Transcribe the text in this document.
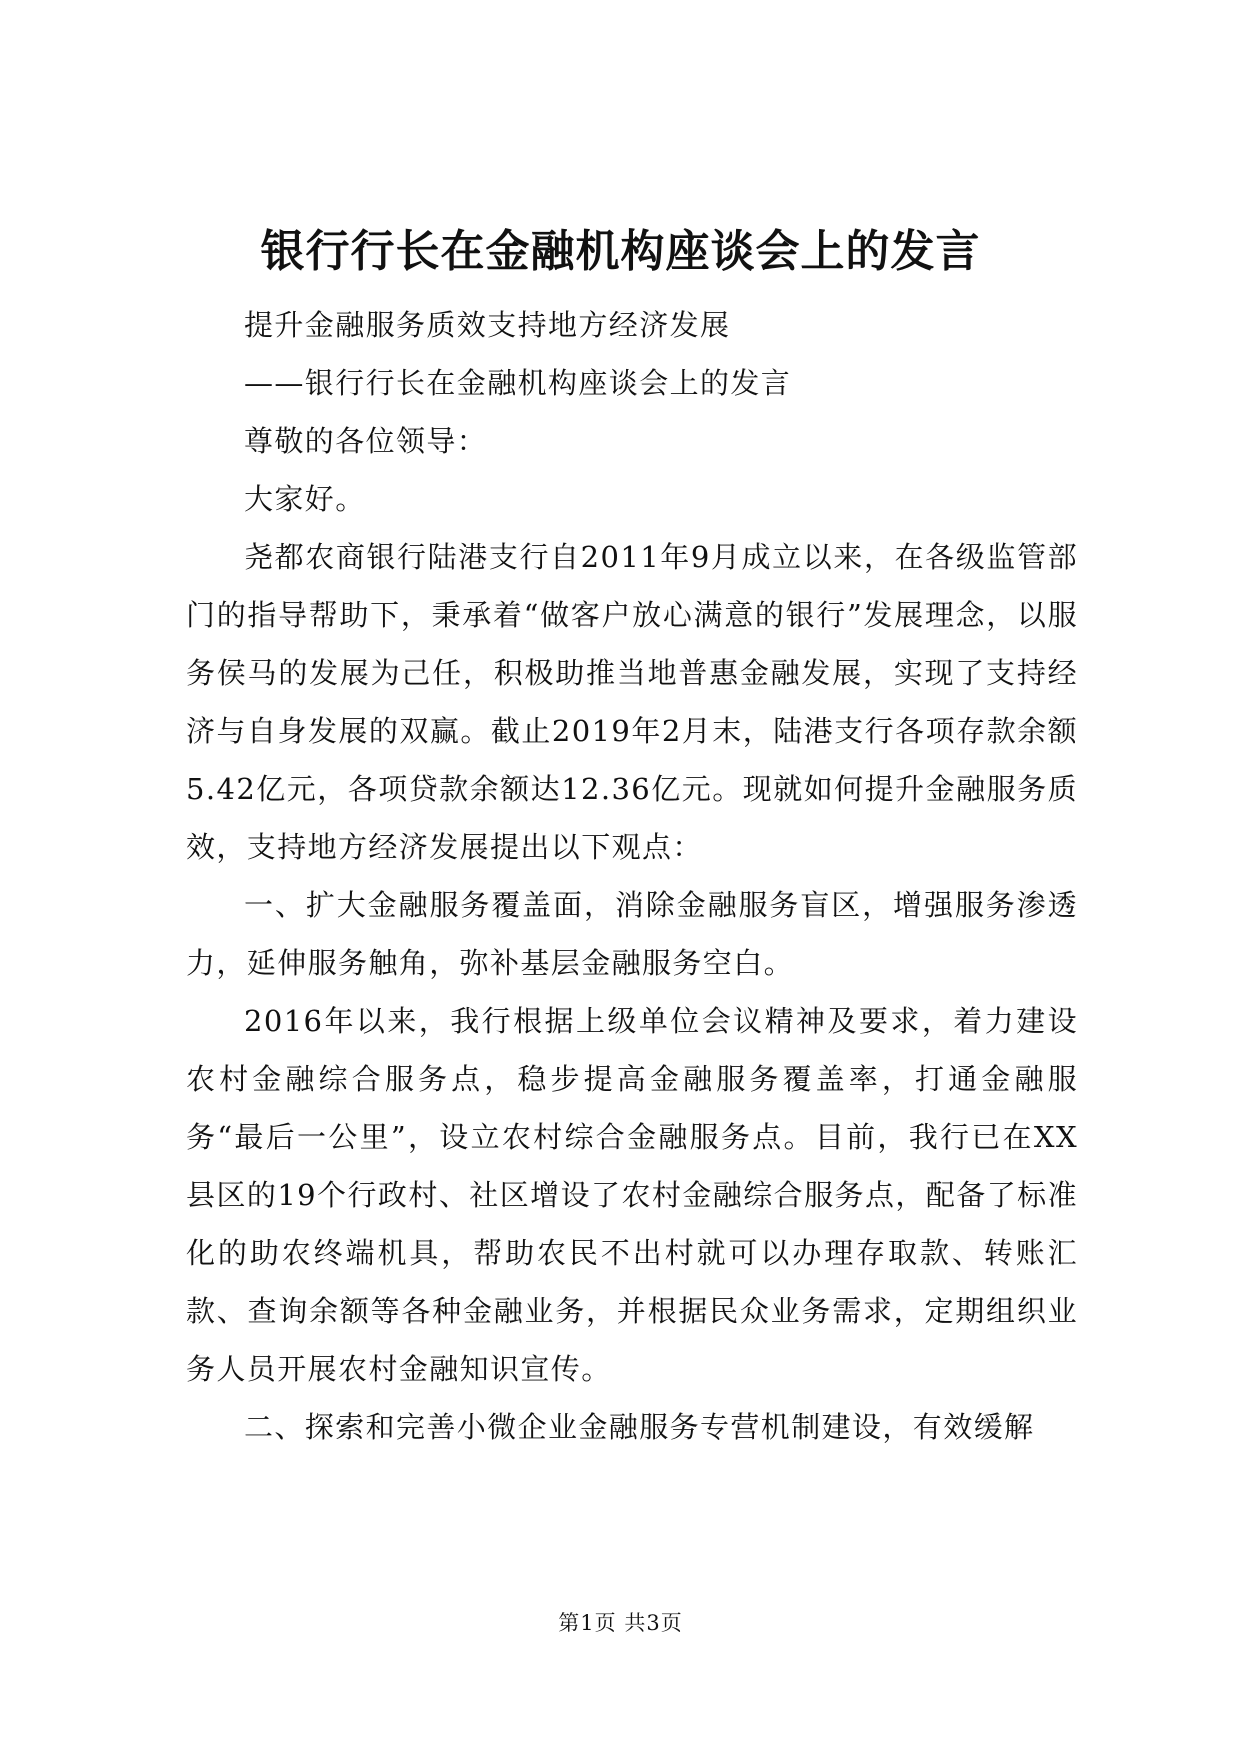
银行行长在金融机构座谈会上的发言

提升金融服务质效支持地方经济发展

——银行行长在金融机构座谈会上的发言

尊敬的各位领导：

大家好。

尧都农商银行陆港支行自2011年9月成立以来，在各级监管部门的指导帮助下，秉承着“做客户放心满意的银行”发展理念，以服务侯马的发展为己任，积极助推当地普惠金融发展，实现了支持经济与自身发展的双赢。截止2019年2月末，陆港支行各项存款余额5.42亿元，各项贷款余额达12.36亿元。现就如何提升金融服务质效，支持地方经济发展提出以下观点：

一、扩大金融服务覆盖面，消除金融服务盲区，增强服务渗透力，延伸服务触角，弥补基层金融服务空白。

2016年以来，我行根据上级单位会议精神及要求，着力建设农村金融综合服务点，稳步提高金融服务覆盖率，打通金融服务“最后一公里”，设立农村综合金融服务点。目前，我行已在XX县区的19个行政村、社区增设了农村金融综合服务点，配备了标准化的助农终端机具，帮助农民不出村就可以办理存取款、转账汇款、查询余额等各种金融业务，并根据民众业务需求，定期组织业务人员开展农村金融知识宣传。

二、探索和完善小微企业金融服务专营机制建设，有效缓解

第1页 共3页
